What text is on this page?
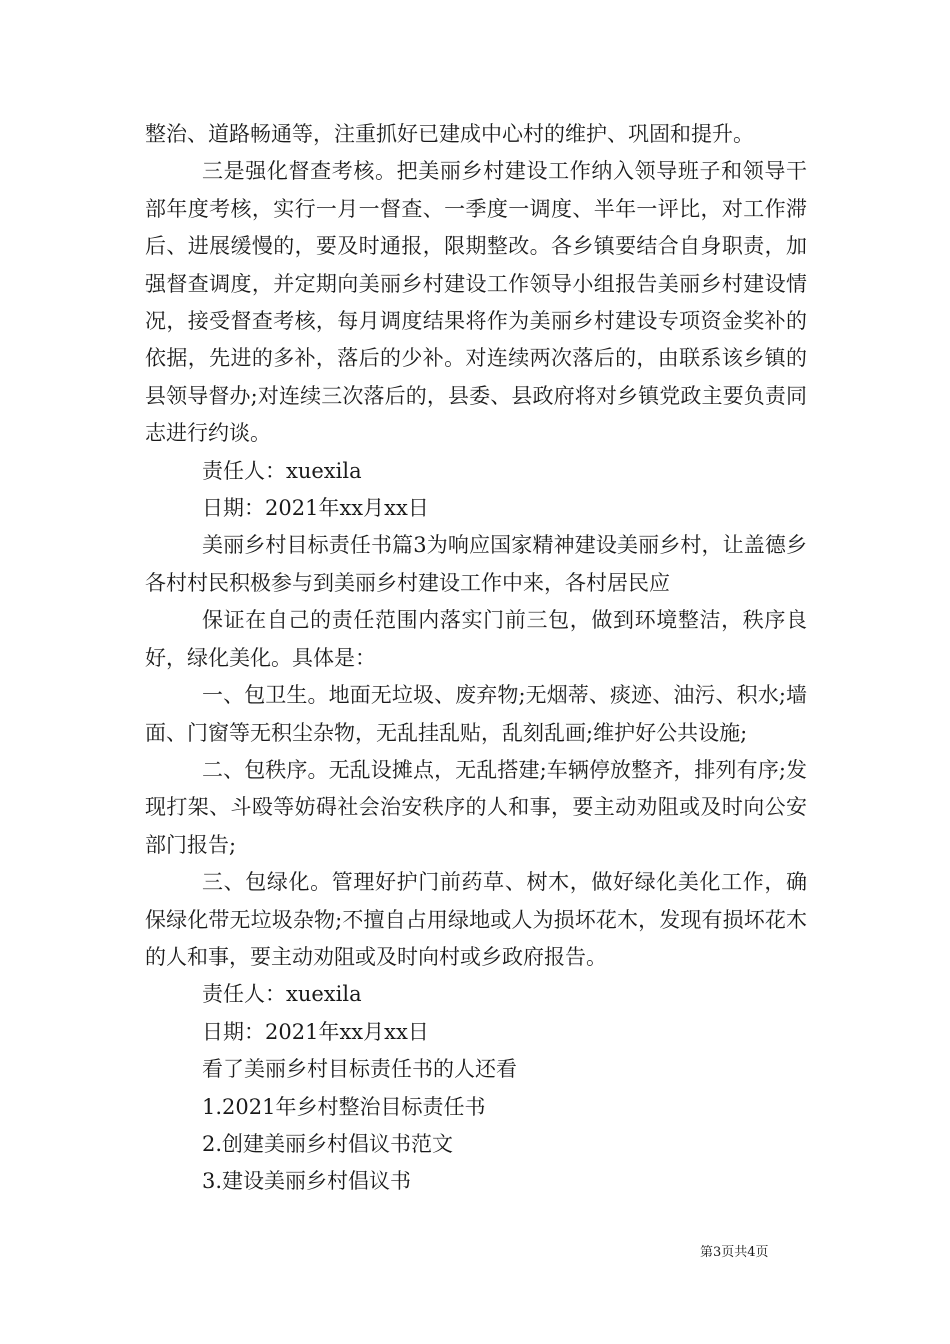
整治、道路畅通等，注重抓好已建成中心村的维护、巩固和提升。

三是强化督查考核。把美丽乡村建设工作纳入领导班子和领导干部年度考核，实行一月一督查、一季度一调度、半年一评比，对工作滞后、进展缓慢的，要及时通报，限期整改。各乡镇要结合自身职责，加强督查调度，并定期向美丽乡村建设工作领导小组报告美丽乡村建设情况，接受督查考核，每月调度结果将作为美丽乡村建设专项资金奖补的依据，先进的多补，落后的少补。对连续两次落后的，由联系该乡镇的县领导督办;对连续三次落后的，县委、县政府将对乡镇党政主要负责同志进行约谈。

责任人：xuexila

日期：2021年xx月xx日

美丽乡村目标责任书篇3为响应国家精神建设美丽乡村，让盖德乡各村村民积极参与到美丽乡村建设工作中来，各村居民应

保证在自己的责任范围内落实门前三包，做到环境整洁，秩序良好，绿化美化。具体是：

一、包卫生。地面无垃圾、废弃物;无烟蒂、痰迹、油污、积水;墙面、门窗等无积尘杂物，无乱挂乱贴，乱刻乱画;维护好公共设施;

二、包秩序。无乱设摊点，无乱搭建;车辆停放整齐，排列有序;发现打架、斗殴等妨碍社会治安秩序的人和事，要主动劝阻或及时向公安部门报告;

三、包绿化。管理好护门前药草、树木，做好绿化美化工作，确保绿化带无垃圾杂物;不擅自占用绿地或人为损坏花木，发现有损坏花木的人和事，要主动劝阻或及时向村或乡政府报告。

责任人：xuexila

日期：2021年xx月xx日

看了美丽乡村目标责任书的人还看

1.2021年乡村整治目标责任书

2.创建美丽乡村倡议书范文

3.建设美丽乡村倡议书

第3页共4页
